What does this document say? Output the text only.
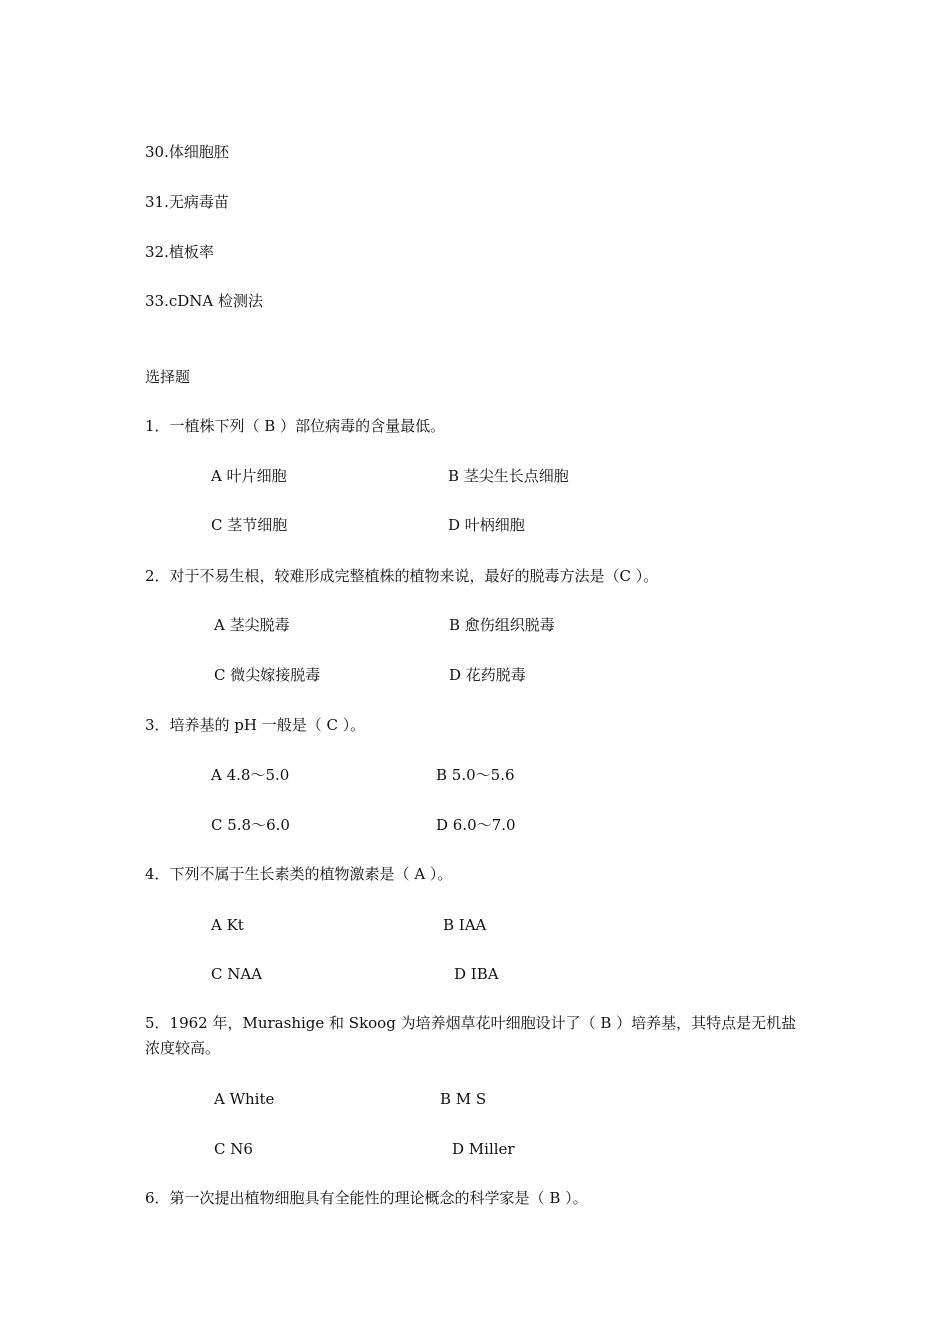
30.体细胞胚
31.无病毒苗
32.植板率
33.cDNA 检测法
选择题
1．一植株下列（ B ）部位病毒的含量最低。
A 叶片细胞	B 茎尖生长点细胞
C 茎节细胞	D 叶柄细胞
2．对于不易生根，较难形成完整植株的植物来说，最好的脱毒方法是（C ）。
A 茎尖脱毒	B 愈伤组织脱毒
C 微尖嫁接脱毒	D 花药脱毒
3．培养基的 pH 一般是（ C ）。
A 4.8～5.0	B 5.0～5.6
C 5.8～6.0	D 6.0～7.0
4．下列不属于生长素类的植物激素是（ A ）。
A Kt	B IAA
C NAA	D IBA
5．1962 年，Murashige 和 Skoog 为培养烟草花叶细胞设计了（ B ）培养基，其特点是无机盐浓度较高。
A White	B M S
C N6	D Miller
6．第一次提出植物细胞具有全能性的理论概念的科学家是（ B ）。
